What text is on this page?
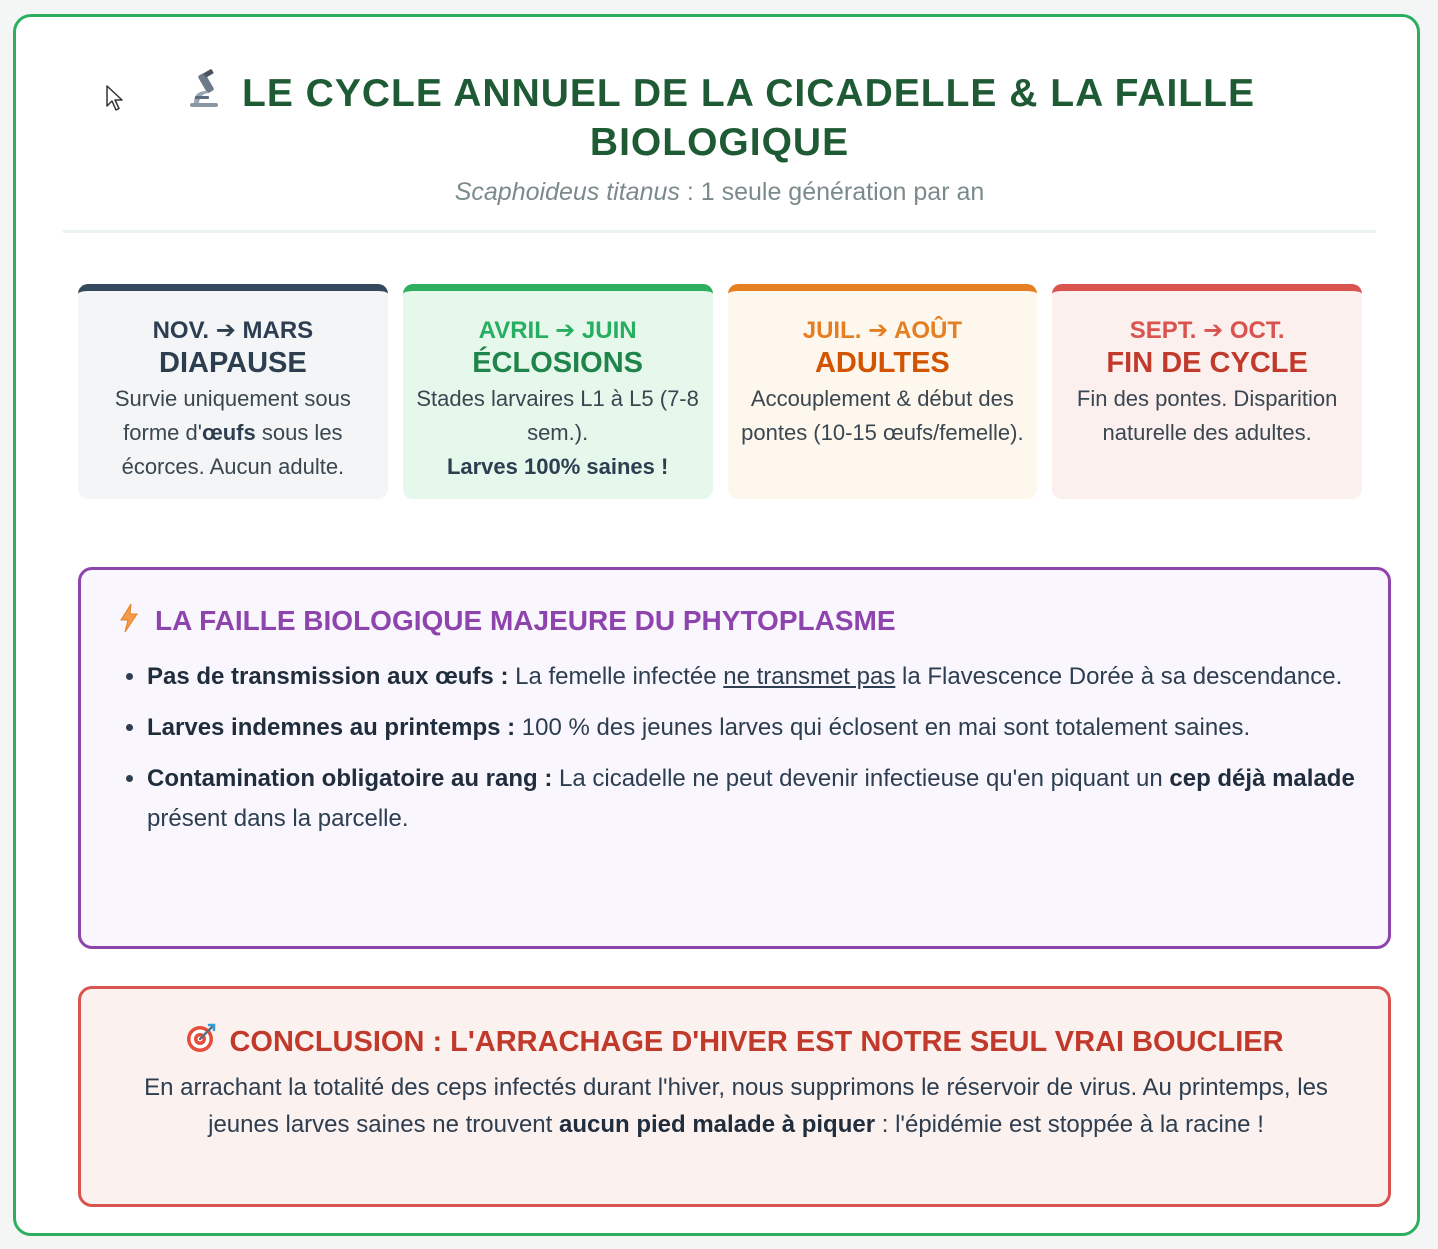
LE CYCLE ANNUEL DE LA CICADELLE & LA FAILLE BIOLOGIQUE
Scaphoideus titanus : 1 seule génération par an
NOV. ➔ MARS
DIAPAUSE
Survie uniquement sous forme d'œufs sous les écorces. Aucun adulte.
AVRIL ➔ JUIN
ÉCLOSIONS
Stades larvaires L1 à L5 (7-8 sem.).
Larves 100% saines !
JUIL. ➔ AOÛT
ADULTES
Accouplement & début des pontes (10-15 œufs/femelle).
SEPT. ➔ OCT.
FIN DE CYCLE
Fin des pontes. Disparition naturelle des adultes.
LA FAILLE BIOLOGIQUE MAJEURE DU PHYTOPLASME
• Pas de transmission aux œufs : La femelle infectée ne transmet pas la Flavescence Dorée à sa descendance.
• Larves indemnes au printemps : 100 % des jeunes larves qui éclosent en mai sont totalement saines.
• Contamination obligatoire au rang : La cicadelle ne peut devenir infectieuse qu'en piquant un cep déjà malade présent dans la parcelle.
CONCLUSION : L'ARRACHAGE D'HIVER EST NOTRE SEUL VRAI BOUCLIER
En arrachant la totalité des ceps infectés durant l'hiver, nous supprimons le réservoir de virus. Au printemps, les jeunes larves saines ne trouvent aucun pied malade à piquer : l'épidémie est stoppée à la racine !
